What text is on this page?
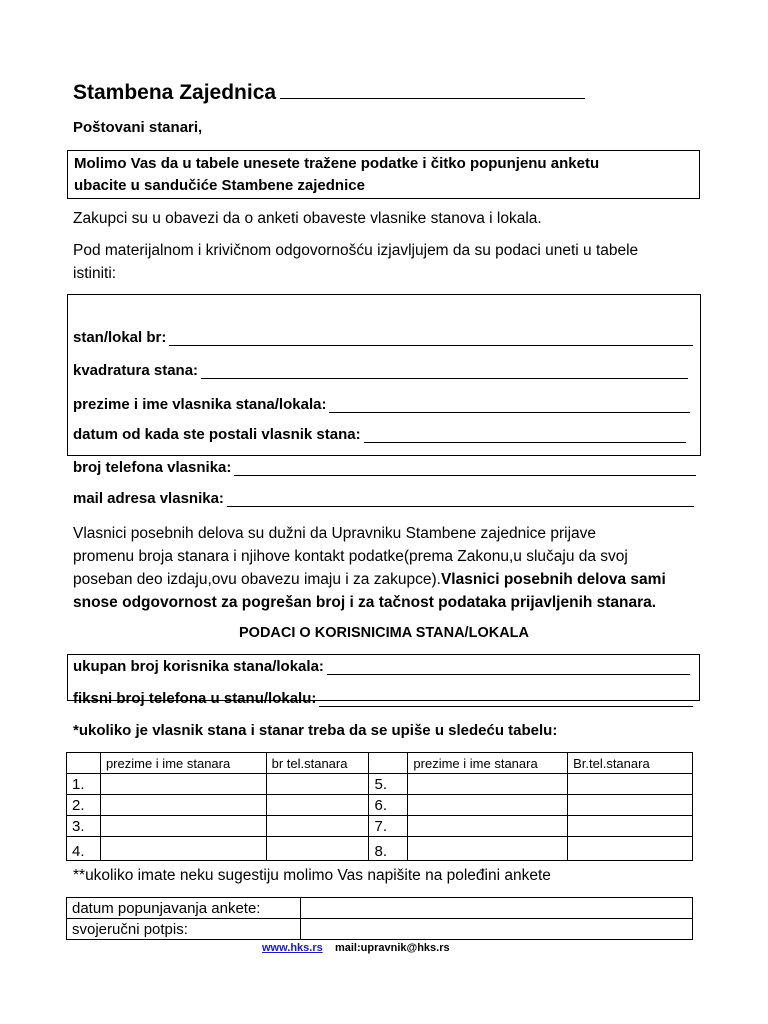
Stambena Zajednica
Poštovani stanari,
Molimo Vas da u tabele unesete tražene podatke i čitko popunjenu anketu
ubacite u sandučiće Stambene zajednice
Zakupci su u obavezi da o anketi obaveste vlasnike stanova i lokala.
Pod materijalnom i krivičnom odgovornošću izjavljujem da su podaci uneti u tabele
istiniti:
stan/lokal br:
kvadratura stana:
prezime i ime vlasnika stana/lokala:
datum od kada ste postali vlasnik stana:
broj telefona vlasnika:
mail adresa vlasnika:
Vlasnici posebnih delova su dužni da Upravniku Stambene zajednice prijave
promenu broja stanara i njihove kontakt podatke(prema Zakonu,u slučaju da svoj
poseban deo izdaju,ovu obavezu imaju i za zakupce).Vlasnici posebnih delova sami
snose odgovornost za pogrešan broj i za tačnost podataka prijavljenih stanara.
PODACI O KORISNICIMA STANA/LOKALA
ukupan broj korisnika stana/lokala:
fiksni broj telefona u stanu/lokalu:
*ukoliko je vlasnik stana i stanar treba da se upiše u sledeću tabelu:
	prezime i ime stanara	br tel.stanara		prezime i ime stanara	Br.tel.stanara
1.			5.		
2.			6.		
3.			7.		
4.			8.		
**ukoliko imate neku sugestiju molimo Vas napišite na poleđini ankete
datum popunjavanja ankete:	
svojeručni potpis:	
www.hks.rs mail:upravnik@hks.rs
